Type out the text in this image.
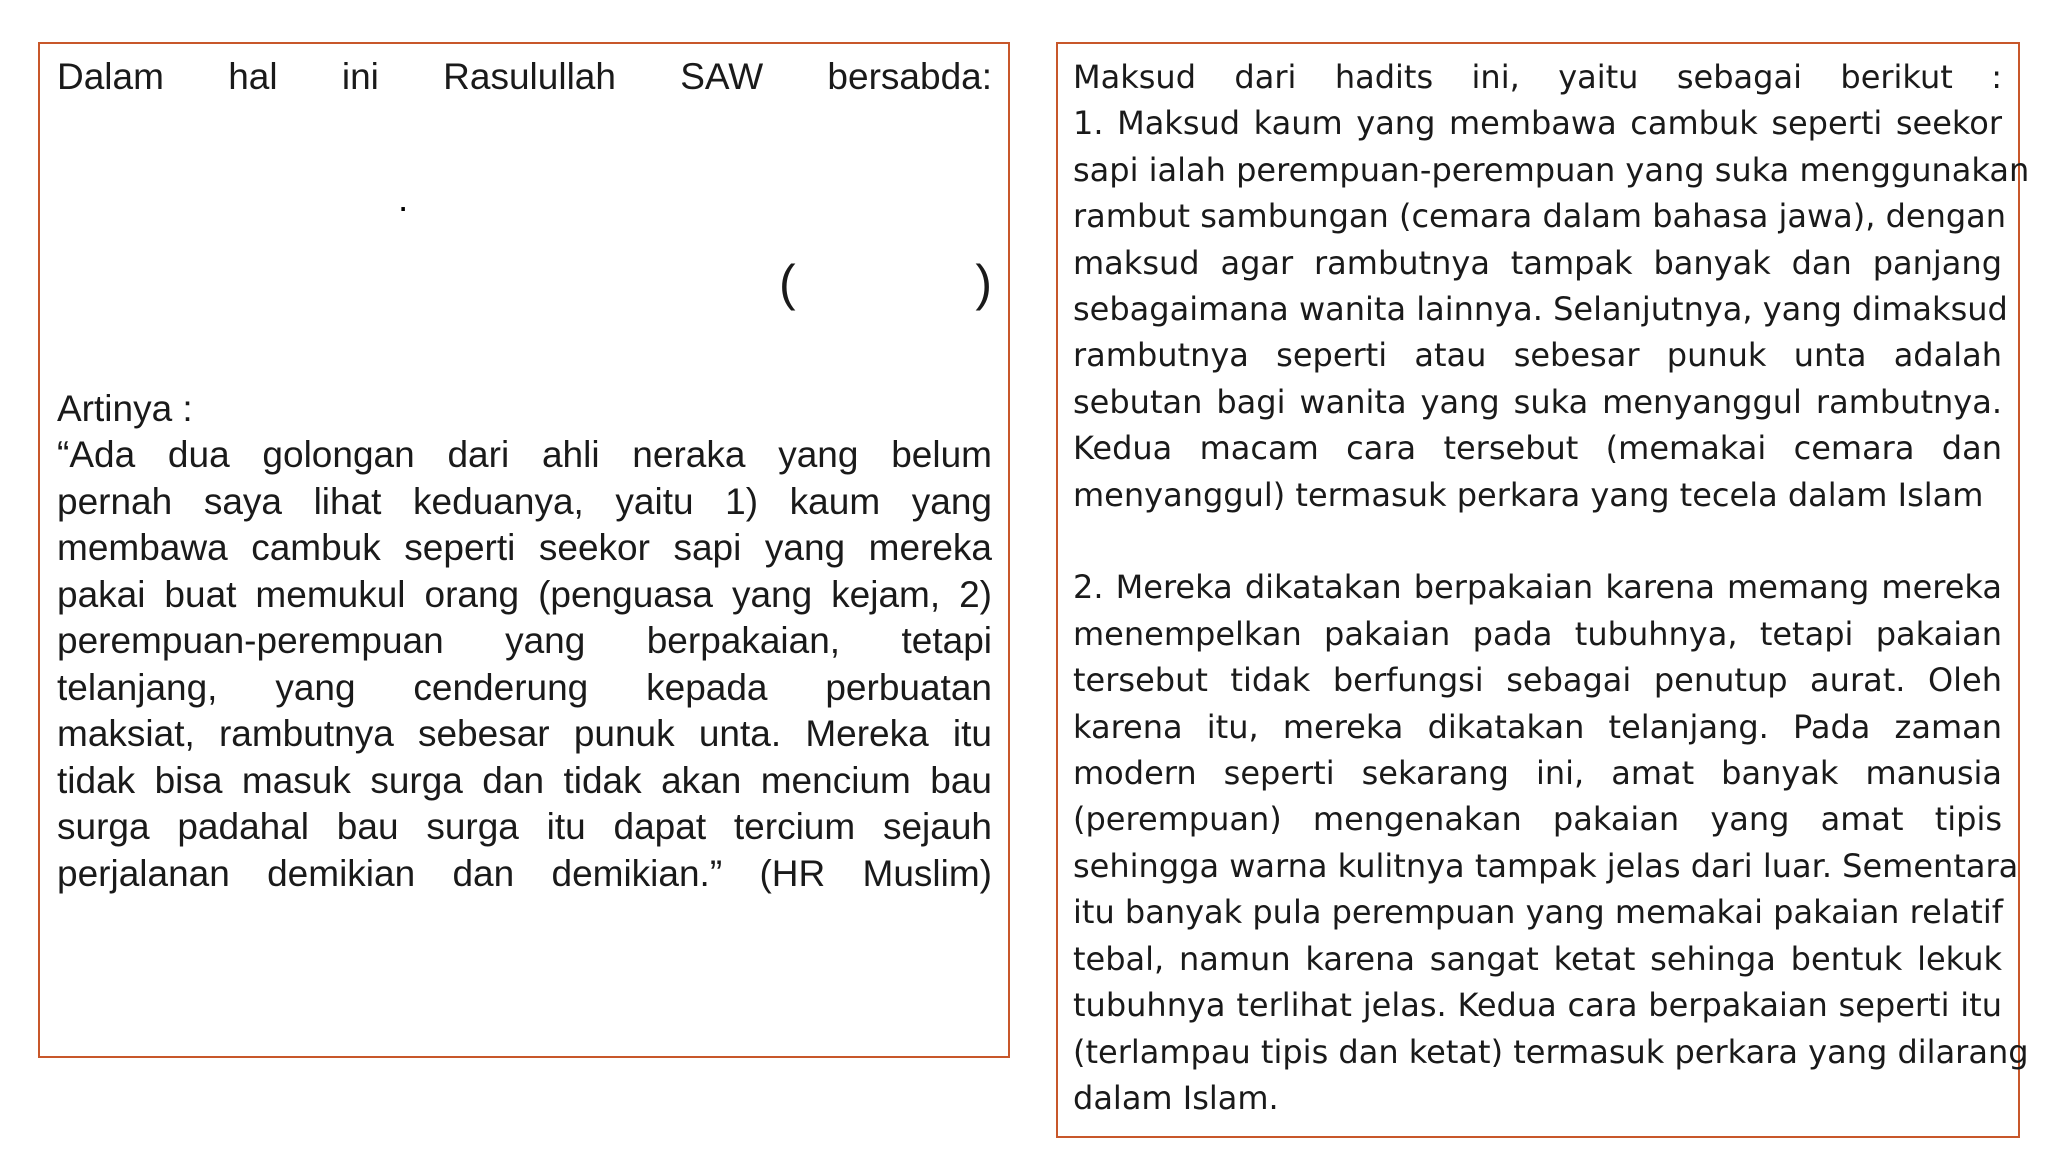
Dalam hal ini Rasulullah SAW bersabda:
.
(	)
Artinya :
“Ada dua golongan dari ahli neraka yang belum
pernah saya lihat keduanya, yaitu 1) kaum yang
membawa cambuk seperti seekor sapi yang mereka
pakai buat memukul orang (penguasa yang kejam, 2)
perempuan-perempuan yang berpakaian, tetapi
telanjang, yang cenderung kepada perbuatan
maksiat, rambutnya sebesar punuk unta. Mereka itu
tidak bisa masuk surga dan tidak akan mencium bau
surga padahal bau surga itu dapat tercium sejauh
perjalanan demikian dan demikian.” (HR Muslim)
Maksud dari hadits ini, yaitu sebagai berikut :
1. Maksud kaum yang membawa cambuk seperti seekor
sapi ialah perempuan-perempuan yang suka menggunakan
rambut sambungan (cemara dalam bahasa jawa), dengan
maksud agar rambutnya tampak banyak dan panjang
sebagaimana wanita lainnya. Selanjutnya, yang dimaksud
rambutnya seperti atau sebesar punuk unta adalah
sebutan bagi wanita yang suka menyanggul rambutnya.
Kedua macam cara tersebut (memakai cemara dan
menyanggul) termasuk perkara yang tecela dalam Islam
2. Mereka dikatakan berpakaian karena memang mereka
menempelkan pakaian pada tubuhnya, tetapi pakaian
tersebut tidak berfungsi sebagai penutup aurat. Oleh
karena itu, mereka dikatakan telanjang. Pada zaman
modern seperti sekarang ini, amat banyak manusia
(perempuan) mengenakan pakaian yang amat tipis
sehingga warna kulitnya tampak jelas dari luar. Sementara
itu banyak pula perempuan yang memakai pakaian relatif
tebal, namun karena sangat ketat sehinga bentuk lekuk
tubuhnya terlihat jelas. Kedua cara berpakaian seperti itu
(terlampau tipis dan ketat) termasuk perkara yang dilarang
dalam Islam.
